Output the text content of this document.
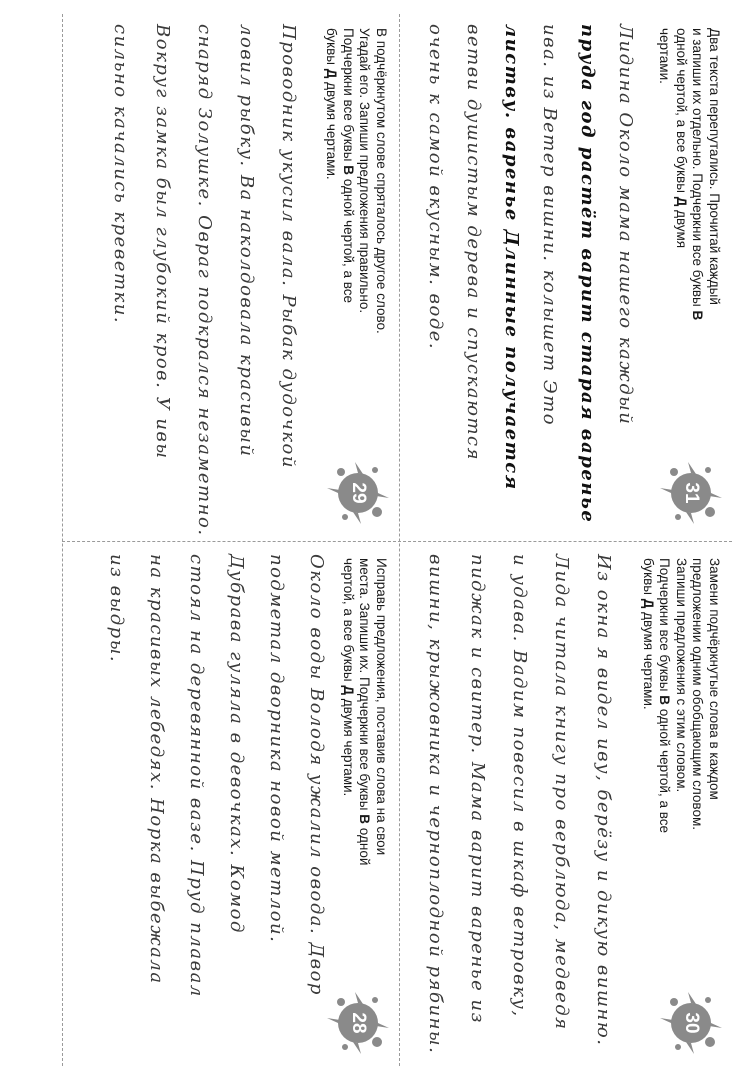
28
Исправь предложения, поставив слова на свои
места. Запиши их. Подчеркни все буквы В одной
чертой, а все буквы Д двумя чертами.
Около воды Володя ужалил овода. Двор
подметал дворника новой метлой.
Дубрава гуляла в девочках. Комод
стоял на деревянной вазе. Пруд плавал
на красивых лебедях. Норка выбежала
из выдры.
29
В подчёркнутом слове спряталось другое слово.
Угадай его. Запиши предложения правильно.
Подчеркни все буквы В одной чертой, а все
буквы Д двумя чертами.
Проводник укусил вала. Рыбак дудочкой
ловил рыбку. Ва наколдовала красивый
снаряд Золушке. Овраг подкрался незаметно.
Вокруг замка был глубокий кров. У ивы
сильно качались креветки.
30
Замени подчёркнутые слова в каждом
предложении одним обобщающим словом.
Запиши предложения с этим словом.
Подчеркни все буквы В одной чертой, а все
буквы Д двумя чертами.
Из окна я видел иву, берёзу и дикую вишню.
Лида читала книгу про верблюда, медведя
и удава. Вадим повесил в шкаф ветровку,
пиджак и свитер. Мама варит варенье из
вишни, крыжовника и черноплодной рябины.
31
Два текста перепутались. Прочитай каждый
и запиши их отдельно. Подчеркни все буквы В
одной чертой, а все буквы Д двумя
чертами.
Лидина Около мама нашего каждый
пруда год растёт варит старая варенье
ива. из Ветер вишни. колышет Это
листву. варенье Длинные получается
ветви душистым дерева и спускаются
очень к самой вкусным. воде.
